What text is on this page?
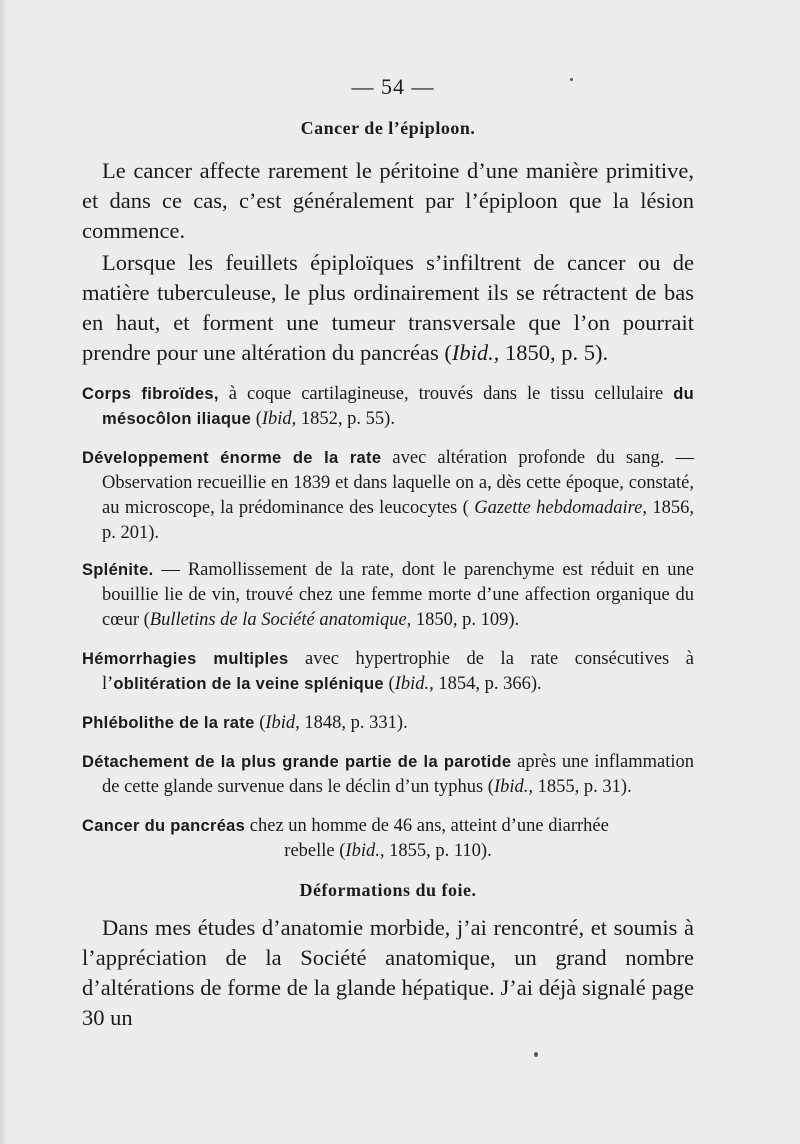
— 54 —
Cancer de l’épiploon.

Le cancer affecte rarement le péritoine d’une manière primitive, et dans ce cas, c’est généralement par l’épiploon que la lésion commence.

Lorsque les feuillets épiploïques s’infiltrent de cancer ou de matière tuberculeuse, le plus ordinairement ils se rétractent de bas en haut, et forment une tumeur transversale que l’on pourrait prendre pour une altération du pancréas (Ibid., 1850, p. 5).

Corps fibroïdes, à coque cartilagineuse, trouvés dans le tissu cellulaire du mésocôlon iliaque (Ibid, 1852, p. 55).

Développement énorme de la rate avec altération profonde du sang. — Observation recueillie en 1839 et dans laquelle on a, dès cette époque, constaté, au microscope, la prédominance des leucocytes ( Gazette hebdomadaire, 1856, p. 201).

Splénite. — Ramollissement de la rate, dont le parenchyme est réduit en une bouillie lie de vin, trouvé chez une femme morte d’une affection organique du cœur (Bulletins de la Société anatomique, 1850, p. 109).

Hémorrhagies multiples avec hypertrophie de la rate consécutives à l’oblitération de la veine splénique (Ibid., 1854, p. 366).

Phlébolithe de la rate (Ibid, 1848, p. 331).

Détachement de la plus grande partie de la parotide après une inflammation de cette glande survenue dans le déclin d’un typhus (Ibid., 1855, p. 31).

Cancer du pancréas chez un homme de 46 ans, atteint d’une diarrhée
rebelle (Ibid., 1855, p. 110).
Déformations du foie.

Dans mes études d’anatomie morbide, j’ai rencontré, et soumis à l’appréciation de la Société anatomique, un grand nombre d’altérations de forme de la glande hépatique. J’ai déjà signalé page 30 un
